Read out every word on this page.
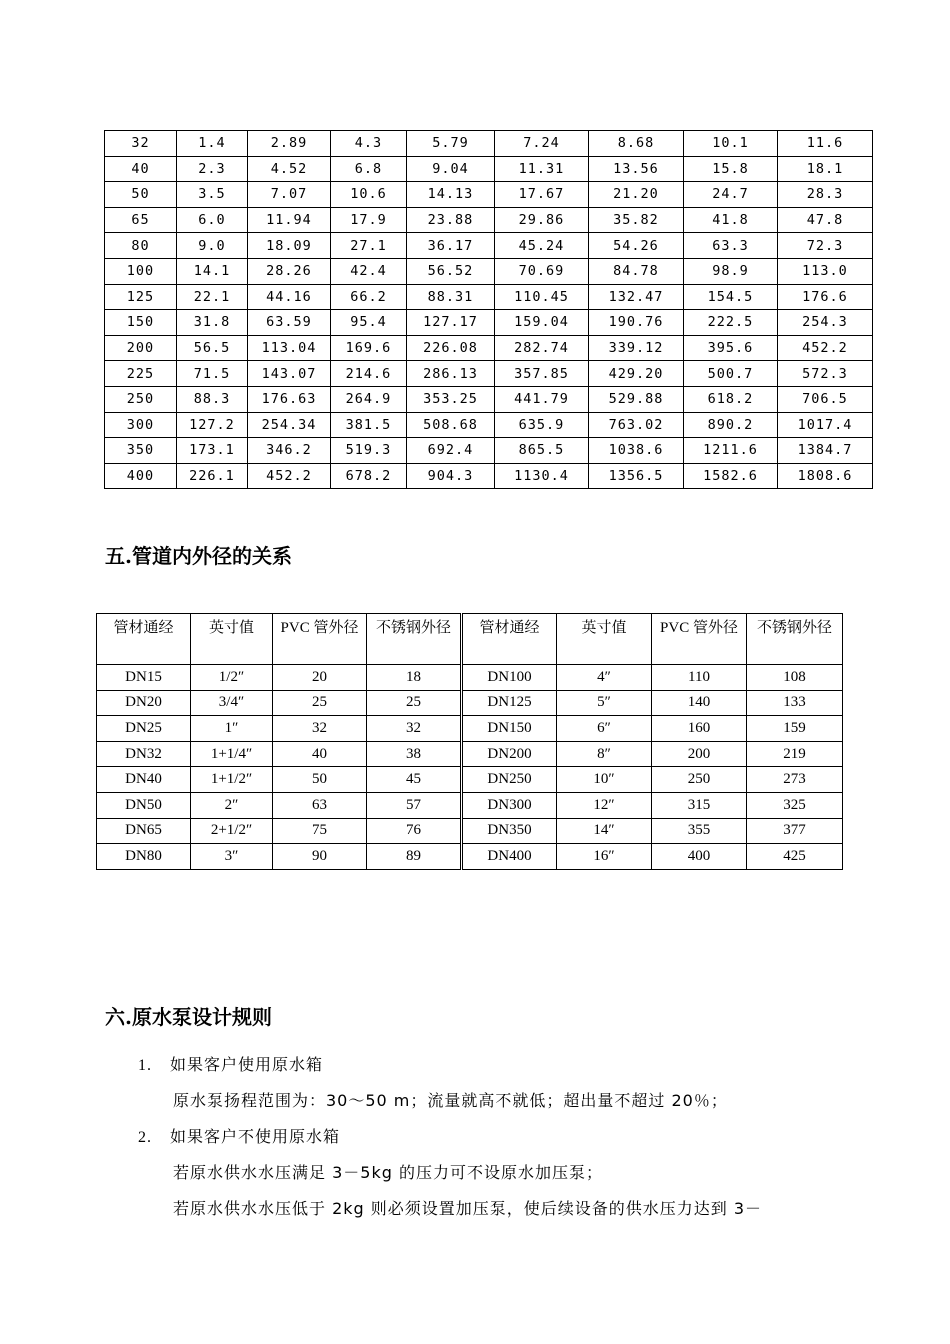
32	1.4	2.89	4.3	5.79	7.24	8.68	10.1	11.6
40	2.3	4.52	6.8	9.04	11.31	13.56	15.8	18.1
50	3.5	7.07	10.6	14.13	17.67	21.20	24.7	28.3
65	6.0	11.94	17.9	23.88	29.86	35.82	41.8	47.8
80	9.0	18.09	27.1	36.17	45.24	54.26	63.3	72.3
100	14.1	28.26	42.4	56.52	70.69	84.78	98.9	113.0
125	22.1	44.16	66.2	88.31	110.45	132.47	154.5	176.6
150	31.8	63.59	95.4	127.17	159.04	190.76	222.5	254.3
200	56.5	113.04	169.6	226.08	282.74	339.12	395.6	452.2
225	71.5	143.07	214.6	286.13	357.85	429.20	500.7	572.3
250	88.3	176.63	264.9	353.25	441.79	529.88	618.2	706.5
300	127.2	254.34	381.5	508.68	635.9	763.02	890.2	1017.4
350	173.1	346.2	519.3	692.4	865.5	1038.6	1211.6	1384.7
400	226.1	452.2	678.2	904.3	1130.4	1356.5	1582.6	1808.6
五.管道内外径的关系
管材通经	英寸值	PVC 管外径	不锈钢外径	管材通经	英寸值	PVC 管外径	不锈钢外径
DN15	1/2″	20	18	DN100	4″	110	108
DN20	3/4″	25	25	DN125	5″	140	133
DN25	1″	32	32	DN150	6″	160	159
DN32	1+1/4″	40	38	DN200	8″	200	219
DN40	1+1/2″	50	45	DN250	10″	250	273
DN50	2″	63	57	DN300	12″	315	325
DN65	2+1/2″	75	76	DN350	14″	355	377
DN80	3″	90	89	DN400	16″	400	425
六.原水泵设计规则

1. 如果客户使用原水箱

原水泵扬程范围为：30～50 m；流量就高不就低；超出量不超过 20％；

2. 如果客户不使用原水箱

若原水供水水压满足 3－5kg 的压力可不设原水加压泵；

若原水供水水压低于 2kg 则必须设置加压泵，使后续设备的供水压力达到 3－
